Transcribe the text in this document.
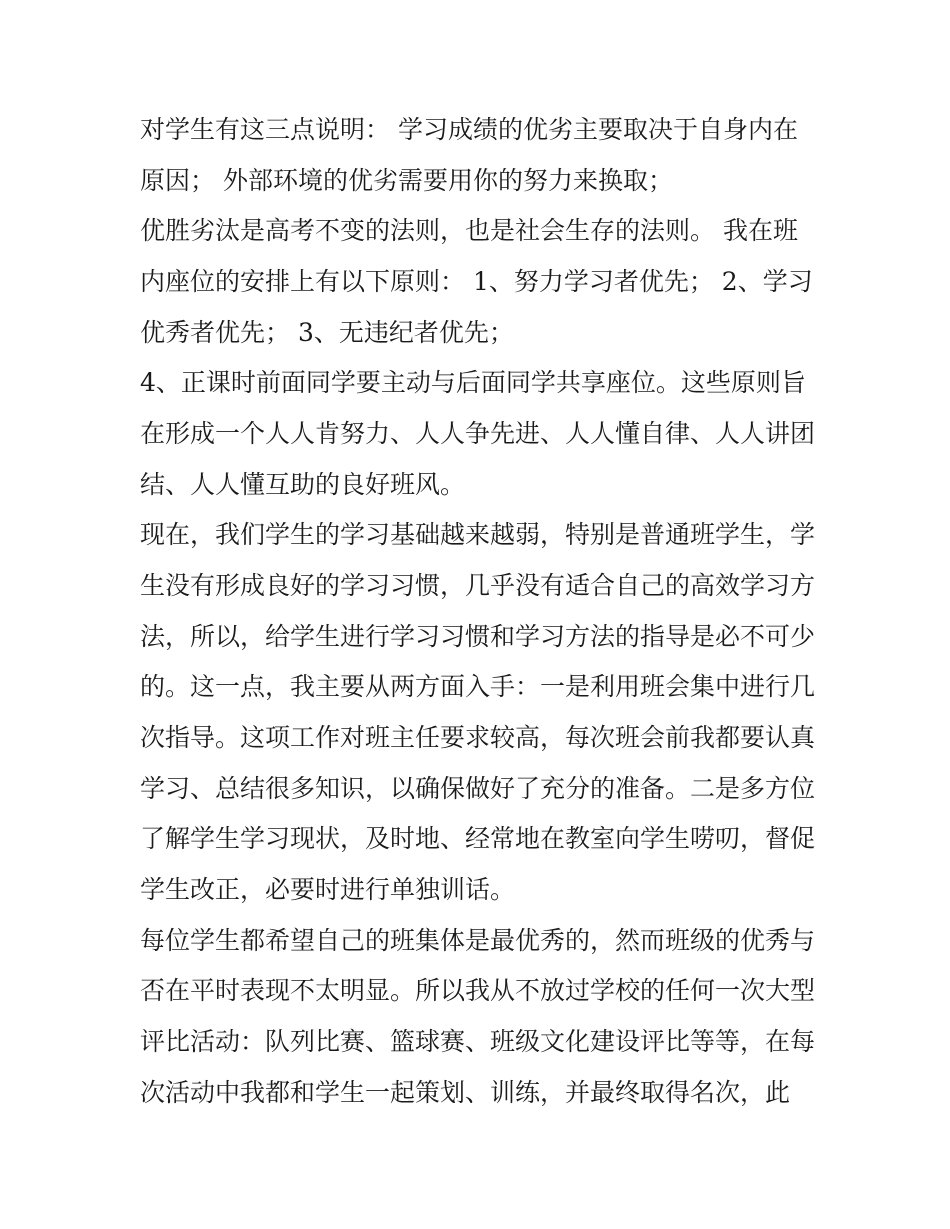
对学生有这三点说明： 学习成绩的优劣主要取决于自身内在

原因； 外部环境的优劣需要用你的努力来换取；

优胜劣汰是高考不变的法则，也是社会生存的法则。 我在班

内座位的安排上有以下原则： 1、努力学习者优先； 2、学习

优秀者优先； 3、无违纪者优先；

4、正课时前面同学要主动与后面同学共享座位。这些原则旨

在形成一个人人肯努力、人人争先进、人人懂自律、人人讲团

结、人人懂互助的良好班风。

现在，我们学生的学习基础越来越弱，特别是普通班学生，学

生没有形成良好的学习习惯，几乎没有适合自己的高效学习方

法，所以，给学生进行学习习惯和学习方法的指导是必不可少

的。这一点，我主要从两方面入手：一是利用班会集中进行几

次指导。这项工作对班主任要求较高，每次班会前我都要认真

学习、总结很多知识，以确保做好了充分的准备。二是多方位

了解学生学习现状，及时地、经常地在教室向学生唠叨，督促

学生改正，必要时进行单独训话。

每位学生都希望自己的班集体是最优秀的，然而班级的优秀与

否在平时表现不太明显。所以我从不放过学校的任何一次大型

评比活动：队列比赛、篮球赛、班级文化建设评比等等，在每

次活动中我都和学生一起策划、训练，并最终取得名次，此
